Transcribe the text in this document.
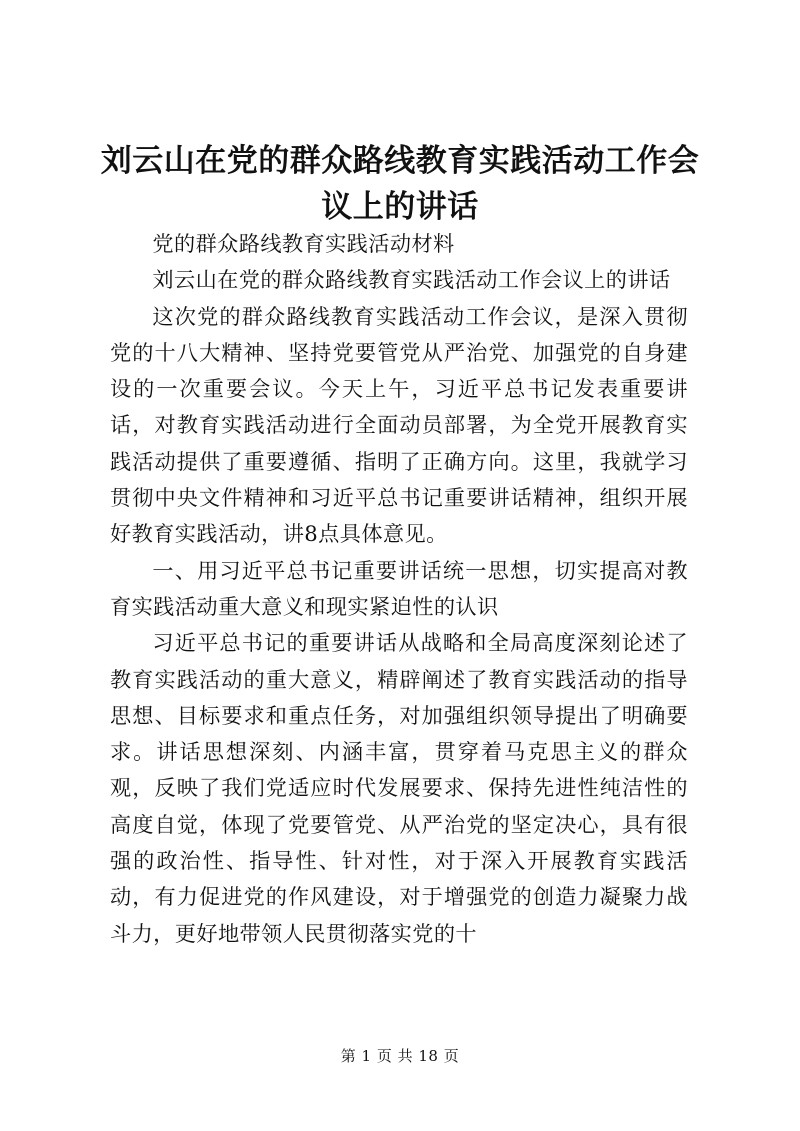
刘云山在党的群众路线教育实践活动工作会议上的讲话

党的群众路线教育实践活动材料

刘云山在党的群众路线教育实践活动工作会议上的讲话

这次党的群众路线教育实践活动工作会议，是深入贯彻党的十八大精神、坚持党要管党从严治党、加强党的自身建设的一次重要会议。今天上午，习近平总书记发表重要讲话，对教育实践活动进行全面动员部署，为全党开展教育实践活动提供了重要遵循、指明了正确方向。这里，我就学习贯彻中央文件精神和习近平总书记重要讲话精神，组织开展好教育实践活动，讲8点具体意见。

一、用习近平总书记重要讲话统一思想，切实提高对教育实践活动重大意义和现实紧迫性的认识

习近平总书记的重要讲话从战略和全局高度深刻论述了教育实践活动的重大意义，精辟阐述了教育实践活动的指导思想、目标要求和重点任务，对加强组织领导提出了明确要求。讲话思想深刻、内涵丰富，贯穿着马克思主义的群众观，反映了我们党适应时代发展要求、保持先进性纯洁性的高度自觉，体现了党要管党、从严治党的坚定决心，具有很强的政治性、指导性、针对性，对于深入开展教育实践活动，有力促进党的作风建设，对于增强党的创造力凝聚力战斗力，更好地带领人民贯彻落实党的十

第 1 页 共 18 页
